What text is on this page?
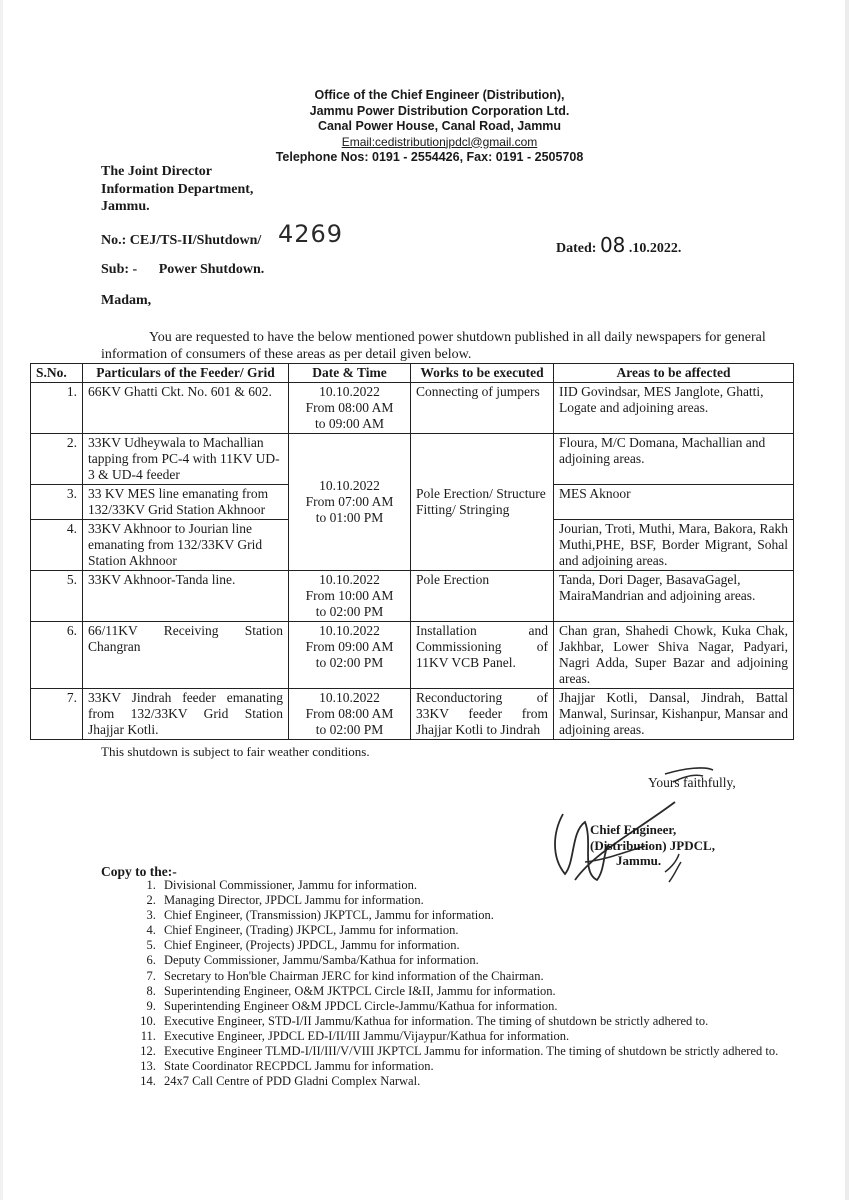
Office of the Chief Engineer (Distribution),
Jammu Power Distribution Corporation Ltd.
Canal Power House, Canal Road, Jammu
Email:cedistributionjpdcl@gmail.com
Telephone Nos: 0191 - 2554426, Fax: 0191 - 2505708
The Joint Director
Information Department,
Jammu.
No.: CEJ/TS-II/Shutdown/ 4269
Dated: 08 .10.2022.
Sub: - Power Shutdown.
Madam,
You are requested to have the below mentioned power shutdown published in all daily newspapers for general information of consumers of these areas as per detail given below.
S.No.	Particulars of the Feeder/ Grid	Date & Time	Works to be executed	Areas to be affected
1.	66KV Ghatti Ckt. No. 601 & 602.	10.10.2022
From 08:00 AM
to 09:00 AM	Connecting of jumpers	IID Govindsar, MES Janglote, Ghatti, Logate and adjoining areas.
2.	33KV Udheywala to Machallian tapping from PC-4 with 11KV UD-3 & UD-4 feeder	10.10.2022
From 07:00 AM
to 01:00 PM	Pole Erection/ Structure Fitting/ Stringing	Floura, M/C Domana, Machallian and adjoining areas.
3.	33 KV MES line emanating from 132/33KV Grid Station Akhnoor			MES Aknoor
4.	33KV Akhnoor to Jourian line emanating from 132/33KV Grid Station Akhnoor			Jourian, Troti, Muthi, Mara, Bakora, Rakh Muthi,PHE, BSF, Border Migrant, Sohal and adjoining areas.
5.	33KV Akhnoor-Tanda line.	10.10.2022
From 10:00 AM
to 02:00 PM	Pole Erection	Tanda, Dori Dager, BasavaGagel, MairaMandrian and adjoining areas.
6.	66/11KV Receiving Station Changran	10.10.2022
From 09:00 AM
to 02:00 PM	Installation and Commissioning of 11KV VCB Panel.	Chan gran, Shahedi Chowk, Kuka Chak, Jakhbar, Lower Shiva Nagar, Padyari, Nagri Adda, Super Bazar and adjoining areas.
7.	33KV Jindrah feeder emanating from 132/33KV Grid Station Jhajjar Kotli.	10.10.2022
From 08:00 AM
to 02:00 PM	Reconductoring of 33KV feeder from Jhajjar Kotli to Jindrah	Jhajjar Kotli, Dansal, Jindrah, Battal Manwal, Surinsar, Kishanpur, Mansar and adjoining areas.
This shutdown is subject to fair weather conditions.
Yours faithfully,
Chief Engineer,
(Distribution) JPDCL,
Jammu.
Copy to the:-
1. Divisional Commissioner, Jammu for information.
2. Managing Director, JPDCL Jammu for information.
3. Chief Engineer, (Transmission) JKPTCL, Jammu for information.
4. Chief Engineer, (Trading) JKPCL, Jammu for information.
5. Chief Engineer, (Projects) JPDCL, Jammu for information.
6. Deputy Commissioner, Jammu/Samba/Kathua for information.
7. Secretary to Hon'ble Chairman JERC for kind information of the Chairman.
8. Superintending Engineer, O&M JKTPCL Circle I&II, Jammu for information.
9. Superintending Engineer O&M JPDCL Circle-Jammu/Kathua for information.
10. Executive Engineer, STD-I/II Jammu/Kathua for information. The timing of shutdown be strictly adhered to.
11. Executive Engineer, JPDCL ED-I/II/III Jammu/Vijaypur/Kathua for information.
12. Executive Engineer TLMD-I/II/III/V/VIII JKPTCL Jammu for information. The timing of shutdown be strictly adhered to.
13. State Coordinator RECPDCL Jammu for information.
14. 24x7 Call Centre of PDD Gladni Complex Narwal.
